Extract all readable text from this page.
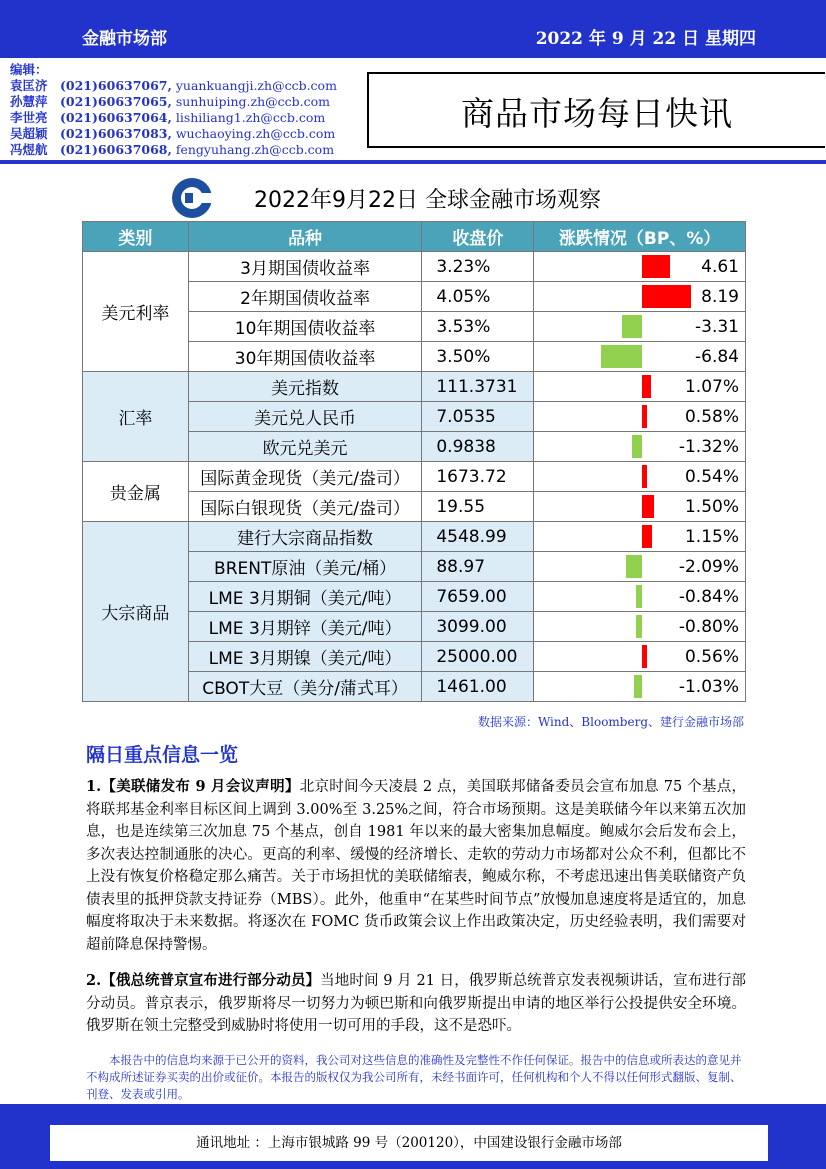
金融市场部	2022 年 9 月 22 日 星期四
编辑：
袁匡济 (021)60637067, yuankuangji.zh@ccb.com
孙慧萍 (021)60637065, sunhuiping.zh@ccb.com
李世亮 (021)60637064, lishiliang1.zh@ccb.com
吴超颖 (021)60637083, wuchaoying.zh@ccb.com
冯煜航 (021)60637068, fengyuhang.zh@ccb.com
商品市场每日快讯
2022年9月22日 全球金融市场观察
类别	品种	收盘价	涨跌情况（BP、%）
美元利率	3月期国债收益率	3.23%	4.61
	2年期国债收益率	4.05%	8.19
	10年期国债收益率	3.53%	-3.31
	30年期国债收益率	3.50%	-6.84
汇率	美元指数	111.3731	1.07%
	美元兑人民币	7.0535	0.58%
	欧元兑美元	0.9838	-1.32%
贵金属	国际黄金现货（美元/盎司）	1673.72	0.54%
	国际白银现货（美元/盎司）	19.55	1.50%
大宗商品	建行大宗商品指数	4548.99	1.15%
	BRENT原油（美元/桶）	88.97	-2.09%
	LME 3月期铜（美元/吨）	7659.00	-0.84%
	LME 3月期锌（美元/吨）	3099.00	-0.80%
	LME 3月期镍（美元/吨）	25000.00	0.56%
	CBOT大豆（美分/蒲式耳）	1461.00	-1.03%
数据来源：Wind、Bloomberg、建行金融市场部
隔日重点信息一览
1.【美联储发布 9 月会议声明】北京时间今天凌晨 2 点，美国联邦储备委员会宣布加息 75 个基点，将联邦基金利率目标区间上调到 3.00%至 3.25%之间，符合市场预期。这是美联储今年以来第五次加息，也是连续第三次加息 75 个基点，创自 1981 年以来的最大密集加息幅度。鲍威尔会后发布会上，多次表达控制通胀的决心。更高的利率、缓慢的经济增长、走软的劳动力市场都对公众不利，但都比不上没有恢复价格稳定那么痛苦。关于市场担忧的美联储缩表，鲍威尔称，不考虑迅速出售美联储资产负债表里的抵押贷款支持证券（MBS）。此外，他重申“在某些时间节点”放慢加息速度将是适宜的，加息幅度将取决于未来数据。将逐次在 FOMC 货币政策会议上作出政策决定，历史经验表明，我们需要对超前降息保持警惕。
2.【俄总统普京宣布进行部分动员】当地时间 9 月 21 日，俄罗斯总统普京发表视频讲话，宣布进行部分动员。普京表示，俄罗斯将尽一切努力为顿巴斯和向俄罗斯提出申请的地区举行公投提供安全环境。俄罗斯在领土完整受到威胁时将使用一切可用的手段，这不是恐吓。
本报告中的信息均来源于已公开的资料，我公司对这些信息的准确性及完整性不作任何保证。报告中的信息或所表达的意见并不构成所述证券买卖的出价或征价。本报告的版权仅为我公司所有，未经书面许可，任何机构和个人不得以任何形式翻版、复制、刊登、发表或引用。
通讯地址 ：上海市银城路 99 号（200120），中国建设银行金融市场部
